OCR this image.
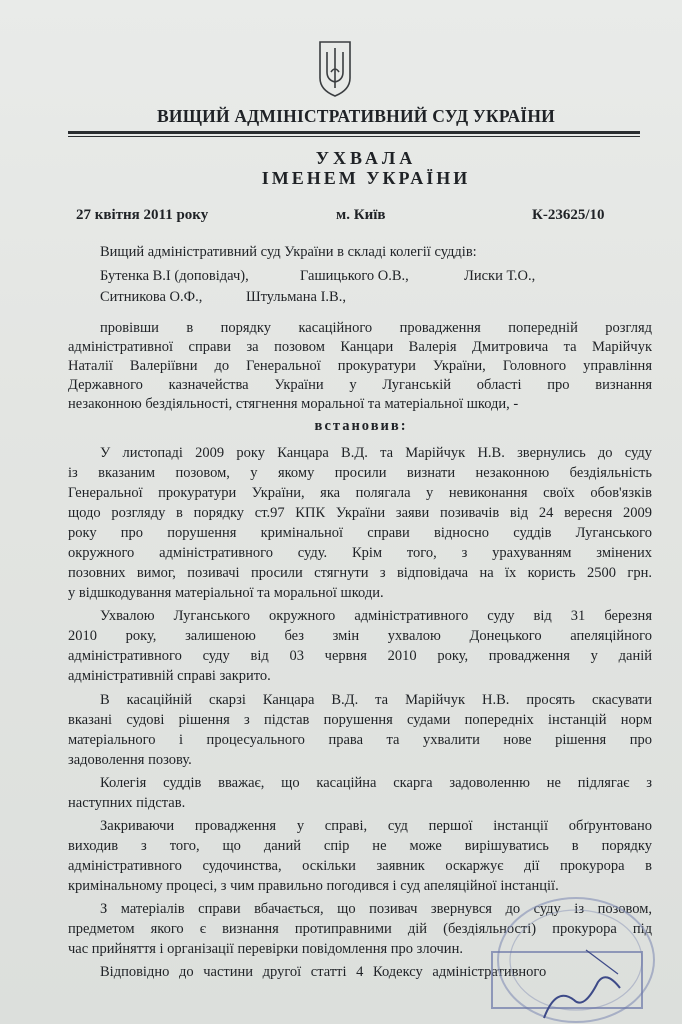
ВИЩИЙ АДМІНІСТРАТИВНИЙ СУД УКРАЇНИ
УХВАЛА
ІМЕНЕМ УКРАЇНИ
27 квітня 2011 року	м. Київ	К-23625/10
Вищий адміністративний суд України в складі колегії суддів:
Бутенка В.І (доповідач),	Гашицького О.В.,	Лиски Т.О.,
Ситникова О.Ф.,	Штульмана І.В.,
провівши в порядку касаційного провадження попередній розгляд
адміністративної справи за позовом Канцари Валерія Дмитровича та Марійчук
Наталії Валеріївни до Генеральної прокуратури України, Головного управління
Державного казначейства України у Луганській області про визнання
незаконною бездіяльності, стягнення моральної та матеріальної шкоди, -
встановив:
У листопаді 2009 року Канцара В.Д. та Марійчук Н.В. звернулись до суду
із вказаним позовом, у якому просили визнати незаконною бездіяльність
Генеральної прокуратури України, яка полягала у невиконання своїх обов'язків
щодо розгляду в порядку ст.97 КПК України заяви позивачів від 24 вересня 2009
року про порушення кримінальної справи відносно суддів Луганського
окружного адміністративного суду. Крім того, з урахуванням змінених
позовних вимог, позивачі просили стягнути з відповідача на їх користь 2500 грн.
у відшкодування матеріальної та моральної шкоди.
Ухвалою Луганського окружного адміністративного суду від 31 березня
2010 року, залишеною без змін ухвалою Донецького апеляційного
адміністративного суду від 03 червня 2010 року, провадження у даній
адміністративній справі закрито.
В касаційній скарзі Канцара В.Д. та Марійчук Н.В. просять скасувати
вказані судові рішення з підстав порушення судами попередніх інстанцій норм
матеріального і процесуального права та ухвалити нове рішення про
задоволення позову.
Колегія суддів вважає, що касаційна скарга задоволенню не підлягає з
наступних підстав.
Закриваючи провадження у справі, суд першої інстанції обґрунтовано
виходив з того, що даний спір не може вирішуватись в порядку
адміністративного судочинства, оскільки заявник оскаржує дії прокурора в
кримінальному процесі, з чим правильно погодився і суд апеляційної інстанції.
З матеріалів справи вбачається, що позивач звернувся до суду із позовом,
предметом якого є визнання протиправними дій (бездіяльності) прокурора під
час прийняття і організації перевірки повідомлення про злочин.
Відповідно до частини другої статті 4 Кодексу адміністративного
